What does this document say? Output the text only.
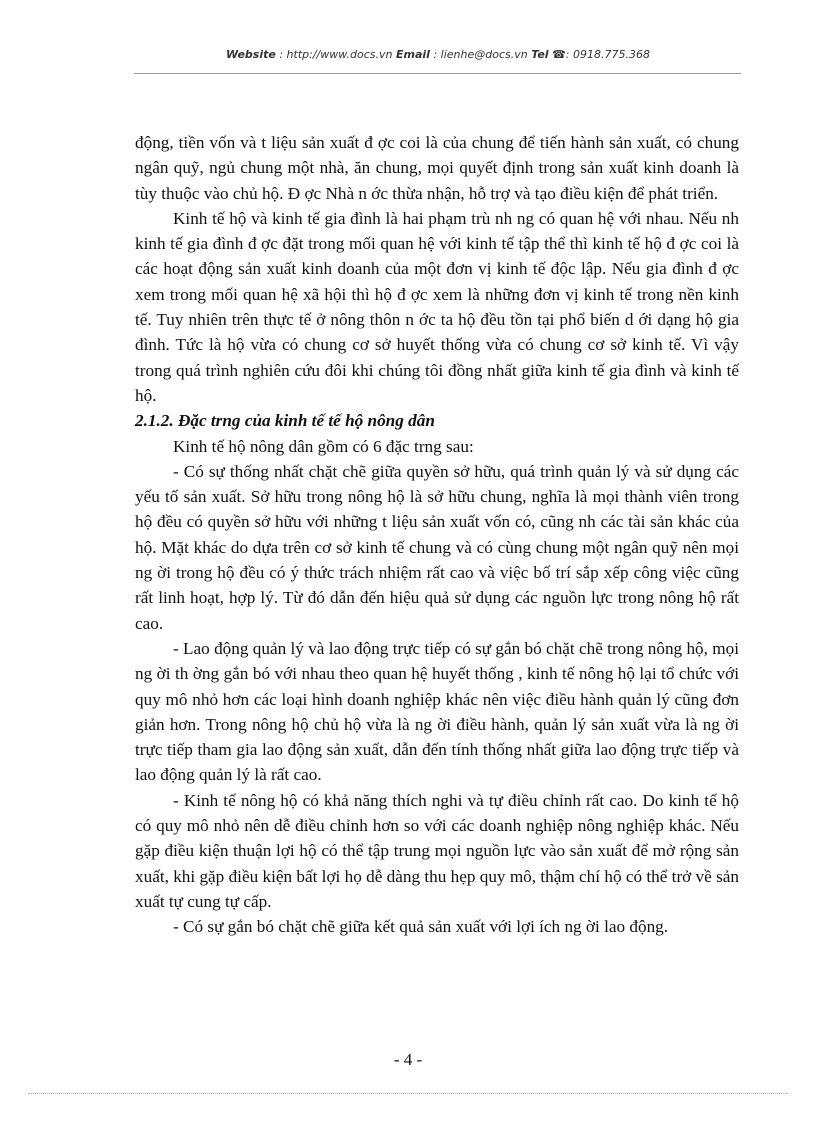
Website : http://www.docs.vn Email : lienhe@docs.vn Tel ☎: 0918.775.368

động, tiền vốn và t liệu sản xuất đ ợc coi là của chung để tiến hành sản xuất, có chung ngân quỹ, ngủ chung một nhà, ăn chung, mọi quyết định trong sản xuất kinh doanh là tùy thuộc vào chủ hộ. Đ ợc Nhà n ớc thừa nhận, hỗ trợ và tạo điều kiện để phát triển.

Kinh tế hộ và kinh tế gia đình là hai phạm trù nh ng có quan hệ với nhau. Nếu nh kinh tế gia đình đ ợc đặt trong mối quan hệ với kinh tế tập thể thì kinh tế hộ đ ợc coi là các hoạt động sản xuất kinh doanh của một đơn vị kinh tế độc lập. Nếu gia đình đ ợc xem trong mối quan hệ xã hội thì hộ đ ợc xem là những đơn vị kinh tế trong nền kinh tế. Tuy nhiên trên thực tế ở nông thôn n ớc ta hộ đều tồn tại phổ biến d ới dạng hộ gia đình. Tức là hộ vừa có chung cơ sở huyết thống vừa có chung cơ sở kinh tế. Vì vậy trong quá trình nghiên cứu đôi khi chúng tôi đồng nhất giữa kinh tế gia đình và kinh tế hộ.

2.1.2. Đặc trng của kinh tế tế hộ nông dân

Kinh tế hộ nông dân gồm có 6 đặc trng sau:

- Có sự thống nhất chặt chẽ giữa quyền sở hữu, quá trình quản lý và sử dụng các yếu tố sản xuất. Sở hữu trong nông hộ là sở hữu chung, nghĩa là mọi thành viên trong hộ đều có quyền sở hữu với những t liệu sản xuất vốn có, cũng nh các tài sản khác của hộ. Mặt khác do dựa trên cơ sở kinh tế chung và có cùng chung một ngân quỹ nên mọi ng ời trong hộ đều có ý thức trách nhiệm rất cao và việc bố trí sắp xếp công việc cũng rất linh hoạt, hợp lý. Từ đó dẫn đến hiệu quả sử dụng các nguồn lực trong nông hộ rất cao.

- Lao động quản lý và lao động trực tiếp có sự gắn bó chặt chẽ trong nông hộ, mọi ng ời th ờng gắn bó với nhau theo quan hệ huyết thống , kinh tế nông hộ lại tổ chức với quy mô nhỏ hơn các loại hình doanh nghiệp khác nên việc điều hành quản lý cũng đơn giản hơn. Trong nông hộ chủ hộ vừa là ng ời điều hành, quản lý sản xuất vừa là ng ời trực tiếp tham gia lao động sản xuất, dẫn đến tính thống nhất giữa lao động trực tiếp và lao động quản lý là rất cao.

- Kinh tế nông hộ có khả năng thích nghi và tự điều chỉnh rất cao. Do kinh tế hộ có quy mô nhỏ nên dễ điều chỉnh hơn so với các doanh nghiệp nông nghiệp khác. Nếu gặp điều kiện thuận lợi hộ có thể tập trung mọi nguồn lực vào sản xuất để mở rộng sản xuất, khi gặp điều kiện bất lợi họ dễ dàng thu hẹp quy mô, thậm chí hộ có thể trở về sản xuất tự cung tự cấp.

- Có sự gắn bó chặt chẽ giữa kết quả sản xuất với lợi ích ng ời lao động.

- 4 -
